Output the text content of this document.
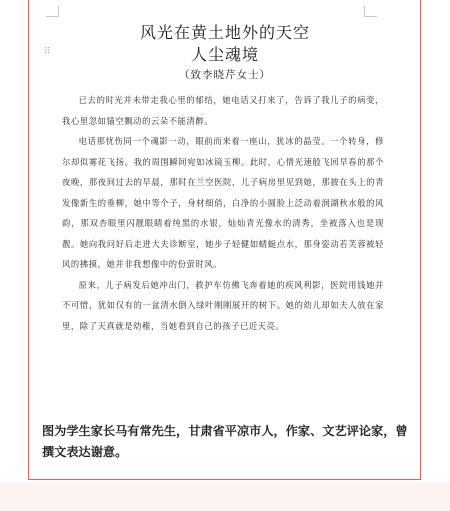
⠿
风光在黄土地外的天空
人尘魂境
（致李晓芹女士）

已去的时光并未带走我心里的郁结，她电话又打来了，告诉了我儿子的病变，我心里忽如锚空飘动的云朵不能清醉。

电话那忧伤同一个魂影一动，眼前而来着一座山，犹冰的晶莹。一个转身，修尔却似雾花飞扬。我的周围瞬间宛如冰镜玉柳。此时，心情光速般飞回早春的那个夜晚，那夜间过去的早晨，那时在兰空医院，儿子病房里见到她，那披在头上的青发像新生的垂柳，她中等个子，身材细俏，白净的小圆脸上泛动着润湖秋水般的风韵，那双杏眼里闪靓眼睛着纯黑的水银，灿灿青光像水的清秀，坐被落入也是现靓。她向我问好后走进大夫诊断室，她步子轻健如蜻蜓点水，那身姿动若芙蓉被轻风的拂摸，她并非我想像中的份萤时风。

原来，儿子病发后她冲出门，救护车仿佛飞奔着她的疾风利影，医院用钱她并不可惜，犹如仅有的一盆清水倒入绿叶刚刚展开的树下。她的幼儿却如夫人放在家里，除了天真就是幼稚，当她看到自己的孩子已近天亮。

图为学生家长马有常先生，甘肃省平凉市人，作家、文艺评论家，曾撰文表达谢意。
